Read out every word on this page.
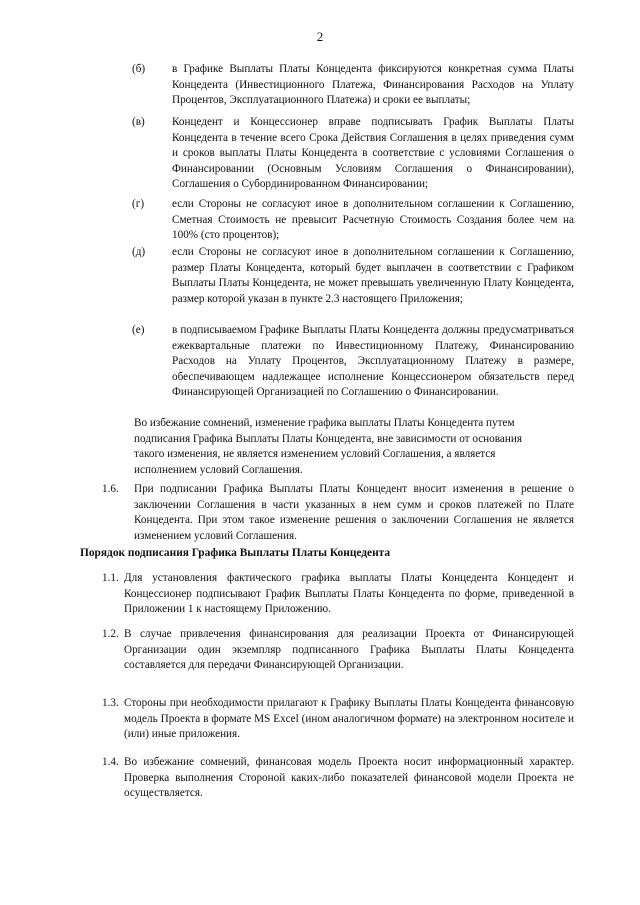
2
(б) в Графике Выплаты Платы Концедента фиксируются конкретная сумма Платы Концедента (Инвестиционного Платежа, Финансирования Расходов на Уплату Процентов, Эксплуатационного Платежа) и сроки ее выплаты;
(в) Концедент и Концессионер вправе подписывать График Выплаты Платы Концедента в течение всего Срока Действия Соглашения в целях приведения сумм и сроков выплаты Платы Концедента в соответствие с условиями Соглашения о Финансировании (Основным Условиям Соглашения о Финансировании), Соглашения о Субординированном Финансировании;
(г) если Стороны не согласуют иное в дополнительном соглашении к Соглашению, Сметная Стоимость не превысит Расчетную Стоимость Создания более чем на 100% (сто процентов);
(д) если Стороны не согласуют иное в дополнительном соглашении к Соглашению, размер Платы Концедента, который будет выплачен в соответствии с Графиком Выплаты Платы Концедента, не может превышать увеличенную Плату Концедента, размер которой указан в пункте 2.3 настоящего Приложения;
(е) в подписываемом Графике Выплаты Платы Концедента должны предусматриваться ежеквартальные платежи по Инвестиционному Платежу, Финансированию Расходов на Уплату Процентов, Эксплуатационному Платежу в размере, обеспечивающем надлежащее исполнение Концессионером обязательств перед Финансирующей Организацией по Соглашению о Финансировании.
Во избежание сомнений, изменение графика выплаты Платы Концедента путем подписания Графика Выплаты Платы Концедента, вне зависимости от основания такого изменения, не является изменением условий Соглашения, а является исполнением условий Соглашения.
1.6. При подписании Графика Выплаты Платы Концедент вносит изменения в решение о заключении Соглашения в части указанных в нем сумм и сроков платежей по Плате Концедента. При этом такое изменение решения о заключении Соглашения не является изменением условий Соглашения.
Порядок подписания Графика Выплаты Платы Концедента
1.1. Для установления фактического графика выплаты Платы Концедента Концедент и Концессионер подписывают График Выплаты Платы Концедента по форме, приведенной в Приложении 1 к настоящему Приложению.
1.2. В случае привлечения финансирования для реализации Проекта от Финансирующей Организации один экземпляр подписанного Графика Выплаты Платы Концедента составляется для передачи Финансирующей Организации.
1.3. Стороны при необходимости прилагают к Графику Выплаты Платы Концедента финансовую модель Проекта в формате MS Excel (ином аналогичном формате) на электронном носителе и (или) иные приложения.
1.4. Во избежание сомнений, финансовая модель Проекта носит информационный характер. Проверка выполнения Стороной каких-либо показателей финансовой модели Проекта не осуществляется.
